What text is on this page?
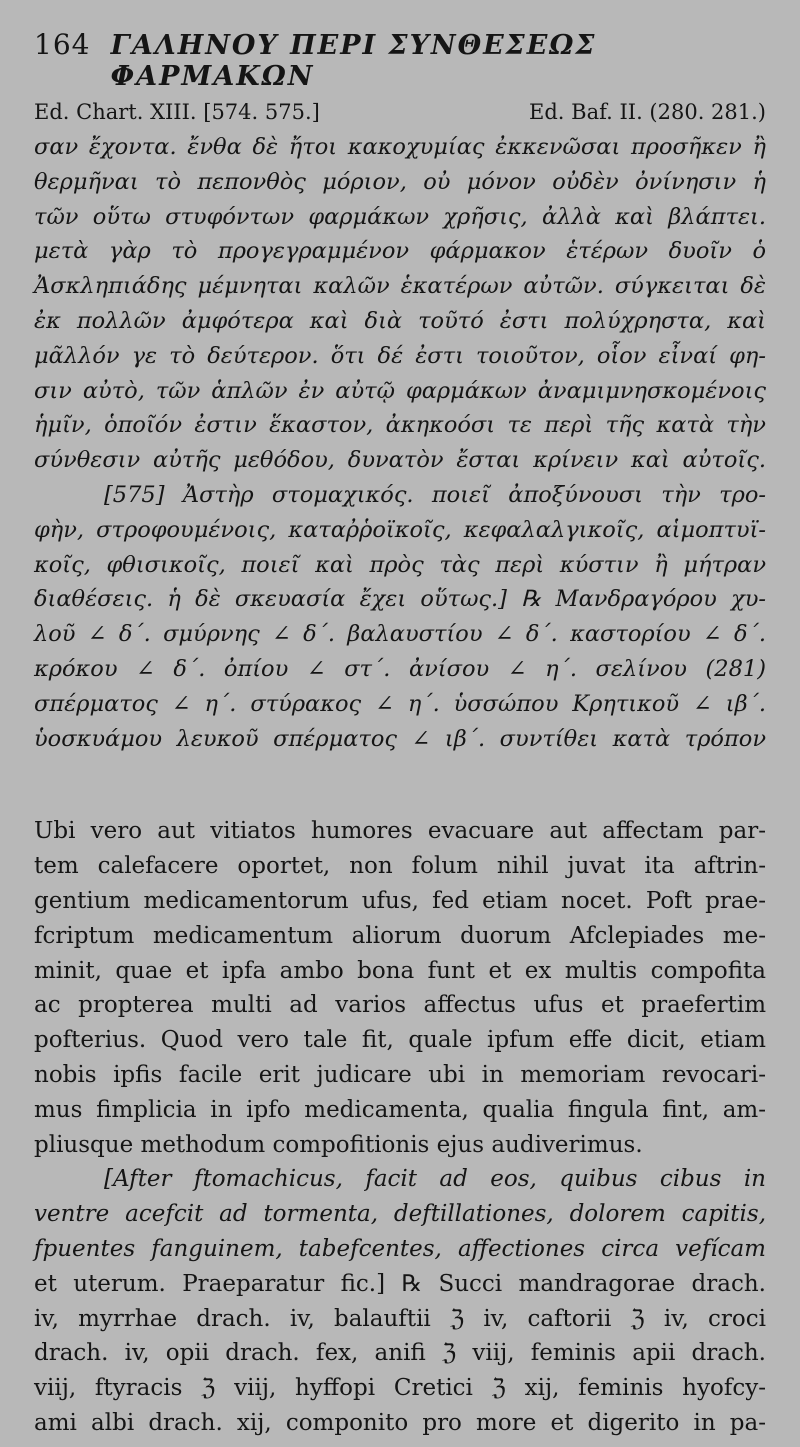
164 ΓΑΛΗΝΟΥ ΠΕΡΙ ΣΥΝΘΕΣΕΩΣ ΦΑΡΜΑΚΩΝ
Ed. Chart. XIII. [574. 575.]	Ed. Baf. II. (280. 281.)
σαν ἔχοντα. ἔνθα δὲ ἤτοι κακοχυμίας ἐκκενῶσαι προσῆκεν ἢ
θερμῆναι τὸ πεπονθὸς μόριον, οὐ μόνον οὐδὲν ὀνίνησιν ἡ
τῶν οὕτω στυφόντων φαρμάκων χρῆσις, ἀλλὰ καὶ βλάπτει.
μετὰ γὰρ τὸ προγεγραμμένον φάρμακον ἑτέρων δυοῖν ὁ
Ἀσκληπιάδης μέμνηται καλῶν ἑκατέρων αὐτῶν. σύγκειται δὲ
ἐκ πολλῶν ἀμφότερα καὶ διὰ τοῦτό ἐστι πολύχρηστα, καὶ
μᾶλλόν γε τὸ δεύτερον. ὅτι δέ ἐστι τοιοῦτον, οἷον εἶναί φη-
σιν αὐτὸ, τῶν ἁπλῶν ἐν αὐτῷ φαρμάκων ἀναμιμνησκομένοις
ἡμῖν, ὁποῖόν ἐστιν ἕκαστον, ἀκηκοόσι τε περὶ τῆς κατὰ τὴν
σύνθεσιν αὐτῆς μεθόδου, δυνατὸν ἔσται κρίνειν καὶ αὐτοῖς.
[575] Ἀστὴρ στομαχικός. ποιεῖ ἀποξύνουσι τὴν τρο-
φὴν, στροφουμένοις, καταῤῥοϊκοῖς, κεφαλαλγικοῖς, αἱμοπτυϊ-
κοῖς, φθισικοῖς, ποιεῖ καὶ πρὸς τὰς περὶ κύστιν ἢ μήτραν
διαθέσεις. ἡ δὲ σκευασία ἔχει οὕτως.] ℞ Μανδραγόρου χυ-
λοῦ ∠ δ΄. σμύρνης ∠ δ΄. βαλαυστίου ∠ δ΄. καστορίου ∠ δ΄.
κρόκου ∠ δ΄. ὀπίου ∠ στ΄. ἀνίσου ∠ η΄. σελίνου (281)
σπέρματος ∠ η΄. στύρακος ∠ η΄. ὑσσώπου Κρητικοῦ ∠ ιβ΄.
ὑοσκυάμου λευκοῦ σπέρματος ∠ ιβ΄. συντίθει κατὰ τρόπον
Ubi vero aut vitiatos humores evacuare aut affectam par-
tem calefacere oportet, non folum nihil juvat ita aftrin-
gentium medicamentorum ufus, fed etiam nocet. Poft prae-
fcriptum medicamentum aliorum duorum Afclepiades me-
minit, quae et ipfa ambo bona funt et ex multis compofita
ac propterea multi ad varios affectus ufus et praefertim
pofterius. Quod vero tale fit, quale ipfum effe dicit, etiam
nobis ipfis facile erit judicare ubi in memoriam revocari-
mus fimplicia in ipfo medicamenta, qualia fingula fint, am-
pliusque methodum compofitionis ejus audiverimus.
[After ftomachicus, facit ad eos, quibus cibus in
ventre acefcit ad tormenta, deftillationes, dolorem capitis,
fpuentes fanguinem, tabefcentes, affectiones circa vefícam
et uterum. Praeparatur fic.] ℞ Succi mandragorae drach.
iv, myrrhae drach. iv, balauftii ℨ iv, caftorii ℨ iv, croci
drach. iv, opii drach. fex, anifi ℨ viij, feminis apii drach.
viij, ftyracis ℨ viij, hyffopi Cretici ℨ xij, feminis hyofcy-
ami albi drach. xij, componito pro more et digerito in pa-
